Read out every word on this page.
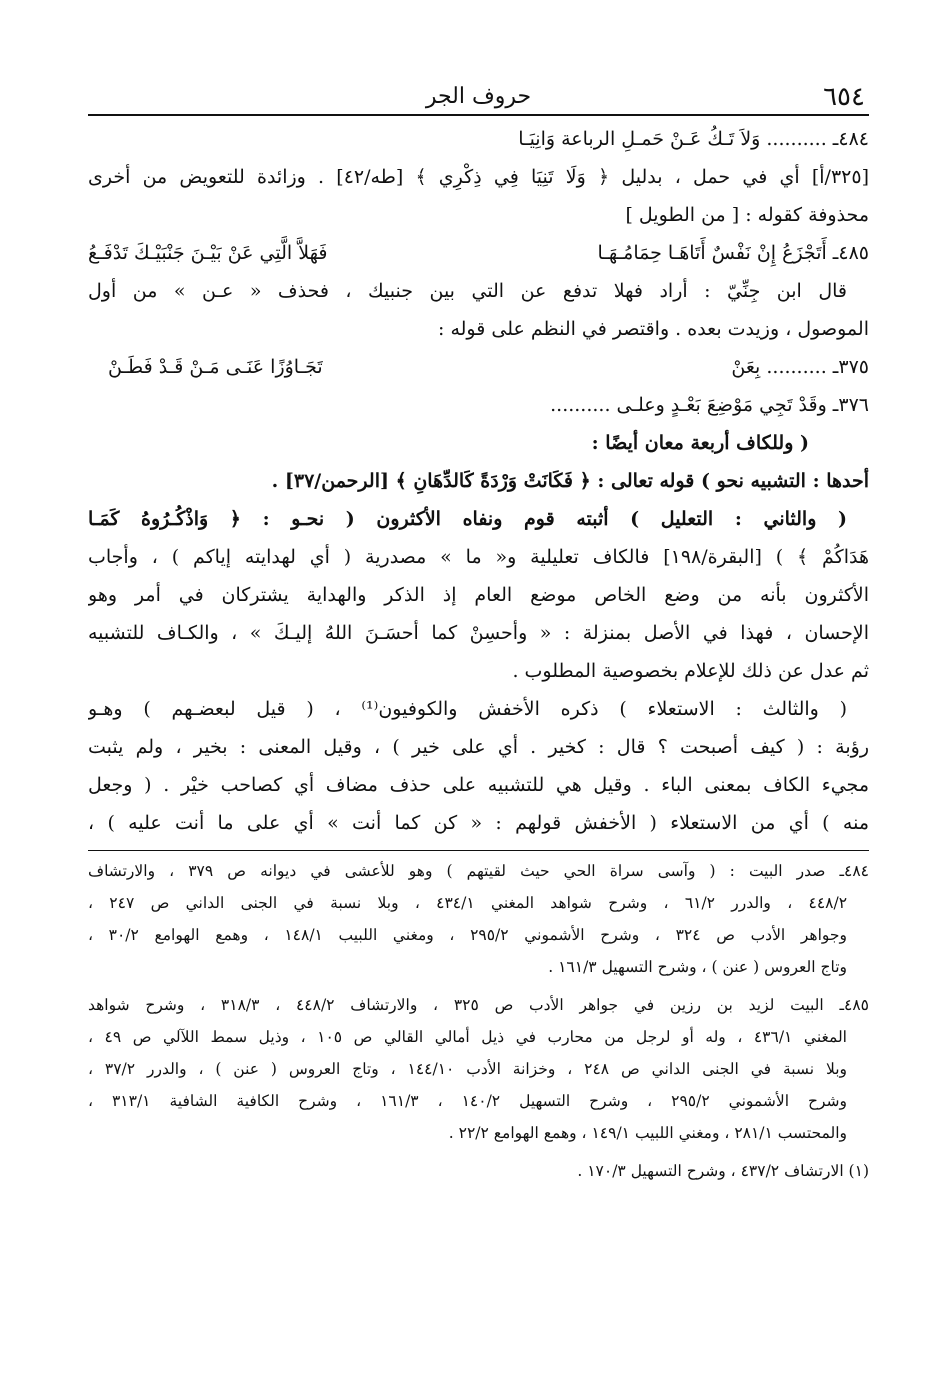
٦٥٤
حروف الجر
٤٨٤ـ .......... وَلاَ تَـكُ عَـنْ حَمـلِ الرباعة وَانِيَـا
[٣٢٥/أ] أي في حمل ، بدليل ﴿ وَلَا تَنِيَا فِي ذِكْرِي ﴾ [طه/٤٢] . وزائدة للتعويض من أخرى
محذوفة كقوله : [ من الطويل ]
٤٨٥ـ أَتَجْزَعُ إِنْ نَفْسٌ أَتَاهَـا حِمَامُـهَـا
فَهَلاَّ الَّتِي عَنْ بَيْـنَ جَنْبَيْـكَ تَدْفَـعُ
قال ابن جِنِّيّ : أراد فهلا تدفع عن التي بين جنبيك ، فحذف « عـن » من أول
الموصول ، وزيدت بعده . واقتصر في النظم على قوله :
٣٧٥ـ .......... بِعَنْ
تَجَـاوُزًا عَنَـى مَـنْ قَـدْ فَطَـنْ
٣٧٦ـ وقَدْ تَجِي مَوْضِعَ بَعْـدٍ وعلـى ..........
( وللكاف أربعة معان أيضًا :
أحدها : التشبيه نحو ) قوله تعالى : ﴿ فَكَانَتْ وَرْدَةً كَالدِّهَانِ ﴾ [الرحمن/٣٧] .
( والثاني : التعليل ) أثبته قوم ونفاه الأكثرون ( نحـو : ﴿ وَاذْكُـرُوهُ كَمَـا
هَدَاكُمْ ﴾ ) [البقرة/١٩٨] فالكاف تعليلية و« ما » مصدرية ( أي لهدايته إياكم ) ، وأجاب
الأكثرون بأنه من وضع الخاص موضع العام إذ الذكر والهداية يشتركان في أمر وهو
الإحسان ، فهذا في الأصل بمنزلة : « وأحسِنْ كما أحسَـنَ اللهُ إليـكَ » ، والكـاف للتشبيه
ثم عدل عن ذلك للإعلام بخصوصية المطلوب .
( والثالث : الاستعلاء ) ذكره الأخفش والكوفيون⁽¹⁾ ، ( قيل لبعضـهم ) وهـو
رؤبة : ( كيف أصبحت ؟ قال : كخير . أي على خير ) ، وقيل المعنى : بخير ، ولم يثبت
مجيء الكاف بمعنى الباء . وقيل هي للتشبيه على حذف مضاف أي كصاحب خيْر . ( وجعل
منه ) أي من الاستعلاء ( الأخفش قولهم : « كن كما أنت » أي على ما أنت عليه ) ،
٤٨٤ـ صدر البيت : ( وآسى سراة الحي حيث لقيتهم ) وهو للأعشى في ديوانه ص ٣٧٩ ، والارتشاف
٤٤٨/٢ ، والدرر ٦١/٢ ، وشرح شواهد المغني ٤٣٤/١ ، وبلا نسبة في الجنى الداني ص ٢٤٧ ،
وجواهر الأدب ص ٣٢٤ ، وشرح الأشموني ٢٩٥/٢ ، ومغني اللبيب ١٤٨/١ ، وهمع الهوامع ٣٠/٢ ،
وتاج العروس ( عنن ) ، وشرح التسهيل ١٦١/٣ .
٤٨٥ـ البيت لزيد بن رزين في جواهر الأدب ص ٣٢٥ ، والارتشاف ٤٤٨/٢ ، ٣١٨/٣ ، وشرح شواهد
المغني ٤٣٦/١ ، وله أو لرجل من محارب في ذيل أمالي القالي ص ١٠٥ ، وذيل سمط اللآلي ص ٤٩ ،
وبلا نسبة في الجنى الداني ص ٢٤٨ ، وخزانة الأدب ١٤٤/١٠ ، وتاج العروس ( عنن ) ، والدرر ٣٧/٢ ،
وشرح الأشموني ٢٩٥/٢ ، وشرح التسهيل ١٤٠/٢ ، ١٦١/٣ ، وشرح الكافية الشافية ٣١٣/١ ،
والمحتسب ٢٨١/١ ، ومغني اللبيب ١٤٩/١ ، وهمع الهوامع ٢٢/٢ .
(١) الارتشاف ٤٣٧/٢ ، وشرح التسهيل ١٧٠/٣ .
